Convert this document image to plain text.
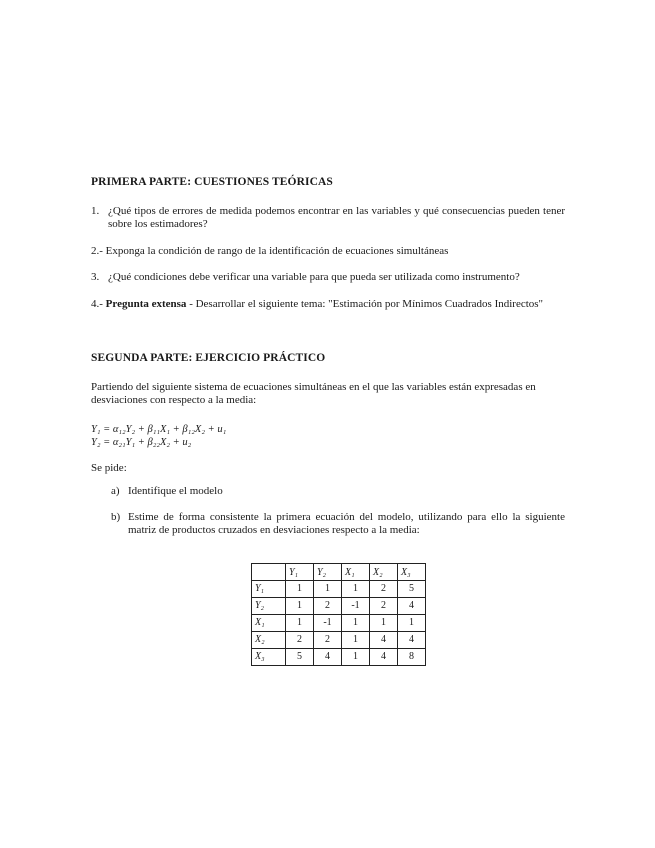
PRIMERA PARTE: CUESTIONES TEÓRICAS
1. ¿Qué tipos de errores de medida podemos encontrar en las variables y qué consecuencias pueden tener sobre los estimadores?
2.- Exponga la condición de rango de la identificación de ecuaciones simultáneas
3. ¿Qué condiciones debe verificar una variable para que pueda ser utilizada como instrumento?
4.- Pregunta extensa - Desarrollar el siguiente tema: "Estimación por Mínimos Cuadrados Indirectos"
SEGUNDA PARTE: EJERCICIO PRÁCTICO
Partiendo del siguiente sistema de ecuaciones simultáneas en el que las variables están expresadas en desviaciones con respecto a la media:
Y₁ = α₁₂Y₂ + β₁₁X₁ + β₁₂X₂ + u₁
Y₂ = α₂₁Y₁ + β₂₂X₂ + u₂
Se pide:
a) Identifique el modelo
b) Estime de forma consistente la primera ecuación del modelo, utilizando para ello la siguiente matriz de productos cruzados en desviaciones respecto a la media:
	Y₁	Y₂	X₁	X₂	X₃
Y₁	1	1	1	2	5
Y₂	1	2	-1	2	4
X₁	1	-1	1	1	1
X₂	2	2	1	4	4
X₃	5	4	1	4	8
